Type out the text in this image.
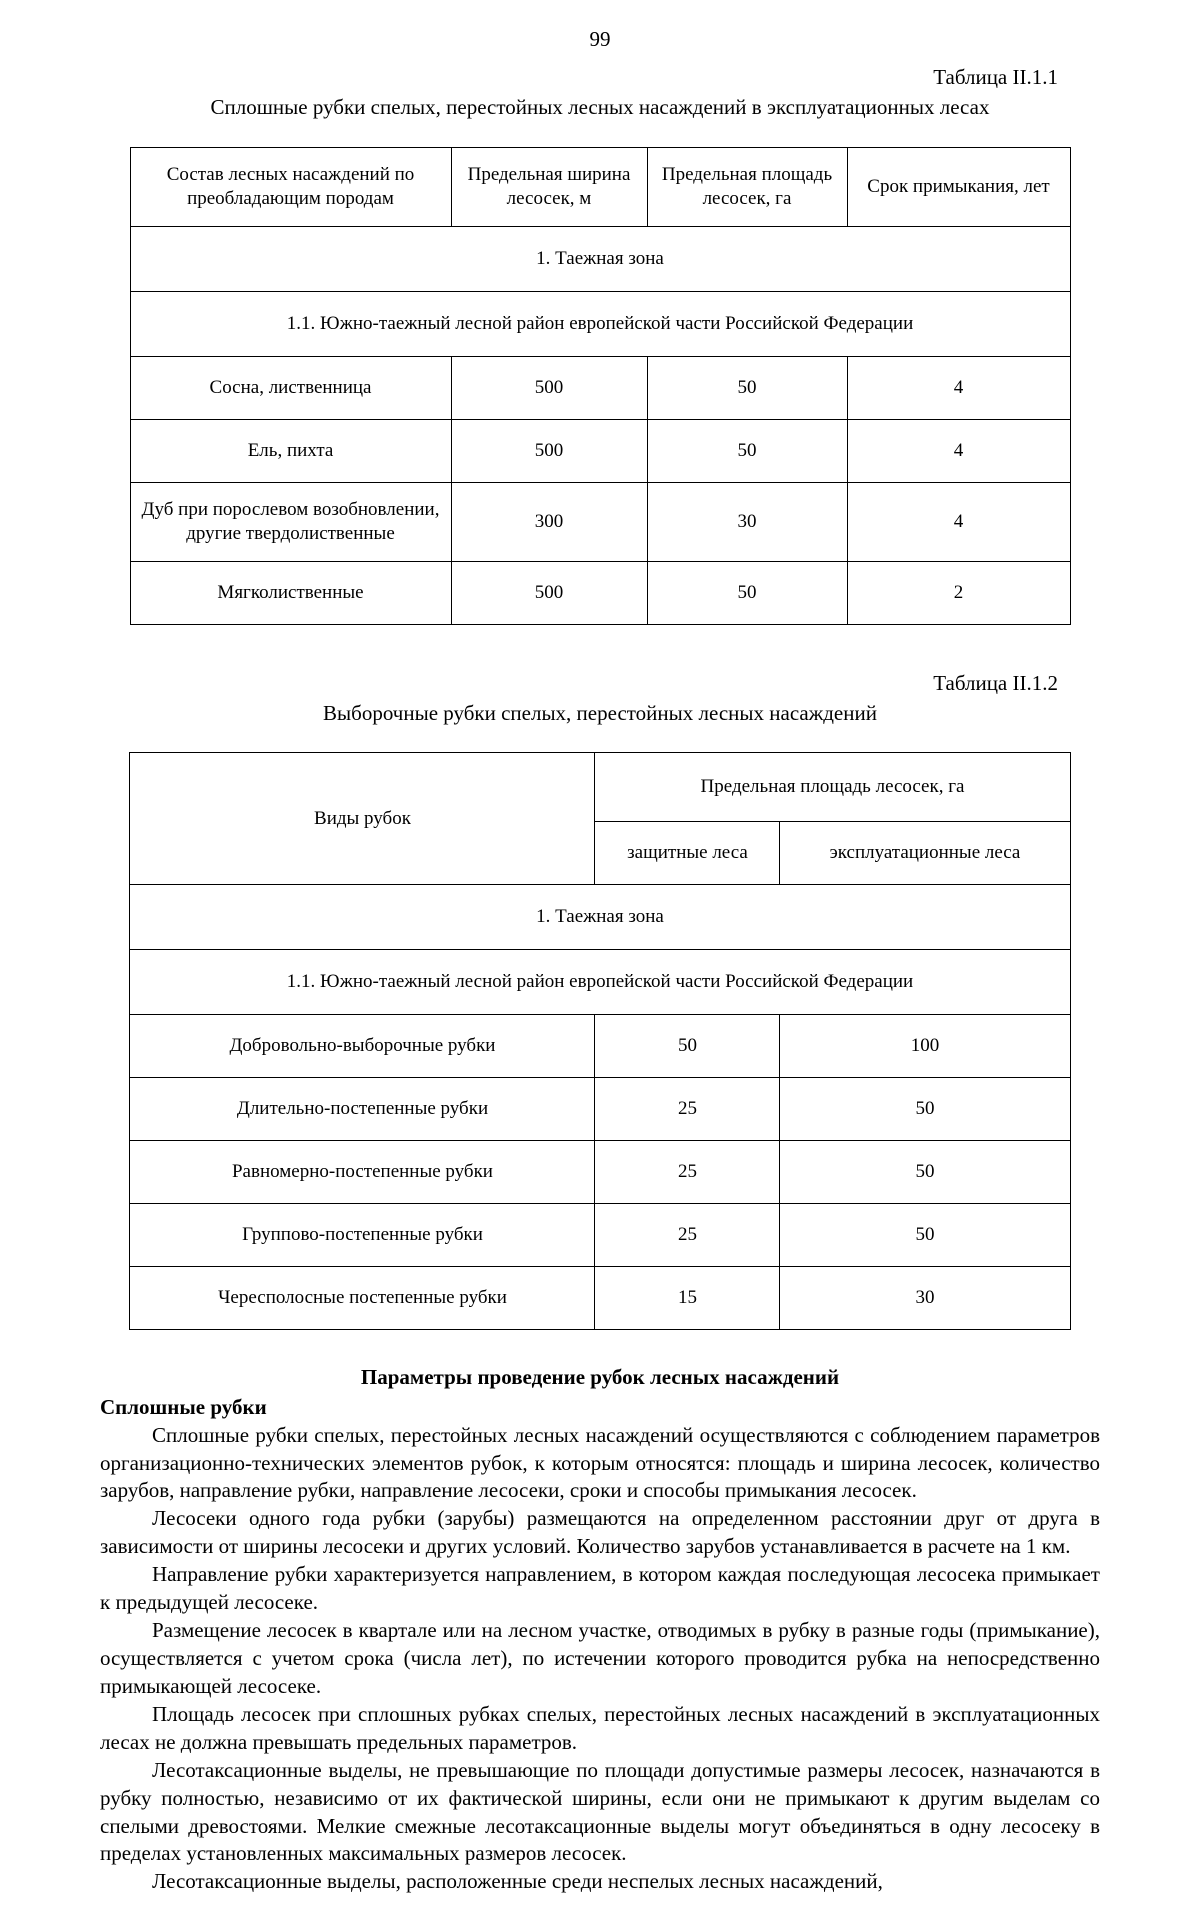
99
Таблица II.1.1
Сплошные рубки спелых, перестойных лесных насаждений в эксплуатационных лесах
Состав лесных насаждений по преобладающим породам	Предельная ширина лесосек, м	Предельная площадь лесосек, га	Срок примыкания, лет
1. Таежная зона			
1.1. Южно-таежный лесной район европейской части Российской Федерации			
Сосна, лиственница	500	50	4
Ель, пихта	500	50	4
Дуб при порослевом возобновлении, другие твердолиственные	300	30	4
Мягколиственные	500	50	2
Таблица II.1.2
Выборочные рубки спелых, перестойных лесных насаждений
Виды рубок	Предельная площадь лесосек, га	
	защитные леса	эксплуатационные леса
1. Таежная зона		
1.1. Южно-таежный лесной район европейской части Российской Федерации		
Добровольно-выборочные рубки	50	100
Длительно-постепенные рубки	25	50
Равномерно-постепенные рубки	25	50
Группово-постепенные рубки	25	50
Чересполосные постепенные рубки	15	30
Параметры проведение рубок лесных насаждений
Сплошные рубки

Сплошные рубки спелых, перестойных лесных насаждений осуществляются с соблюдением параметров организационно-технических элементов рубок, к которым относятся: площадь и ширина лесосек, количество зарубов, направление рубки, направление лесосеки, сроки и способы примыкания лесосек.

Лесосеки одного года рубки (зарубы) размещаются на определенном расстоянии друг от друга в зависимости от ширины лесосеки и других условий. Количество зарубов устанавливается в расчете на 1 км.

Направление рубки характеризуется направлением, в котором каждая последующая лесосека примыкает к предыдущей лесосеке.

Размещение лесосек в квартале или на лесном участке, отводимых в рубку в разные годы (примыкание), осуществляется с учетом срока (числа лет), по истечении которого проводится рубка на непосредственно примыкающей лесосеке.

Площадь лесосек при сплошных рубках спелых, перестойных лесных насаждений в эксплуатационных лесах не должна превышать предельных параметров.

Лесотаксационные выделы, не превышающие по площади допустимые размеры лесосек, назначаются в рубку полностью, независимо от их фактической ширины, если они не примыкают к другим выделам со спелыми древостоями. Мелкие смежные лесотаксационные выделы могут объединяться в одну лесосеку в пределах установленных максимальных размеров лесосек.

Лесотаксационные выделы, расположенные среди неспелых лесных насаждений,
